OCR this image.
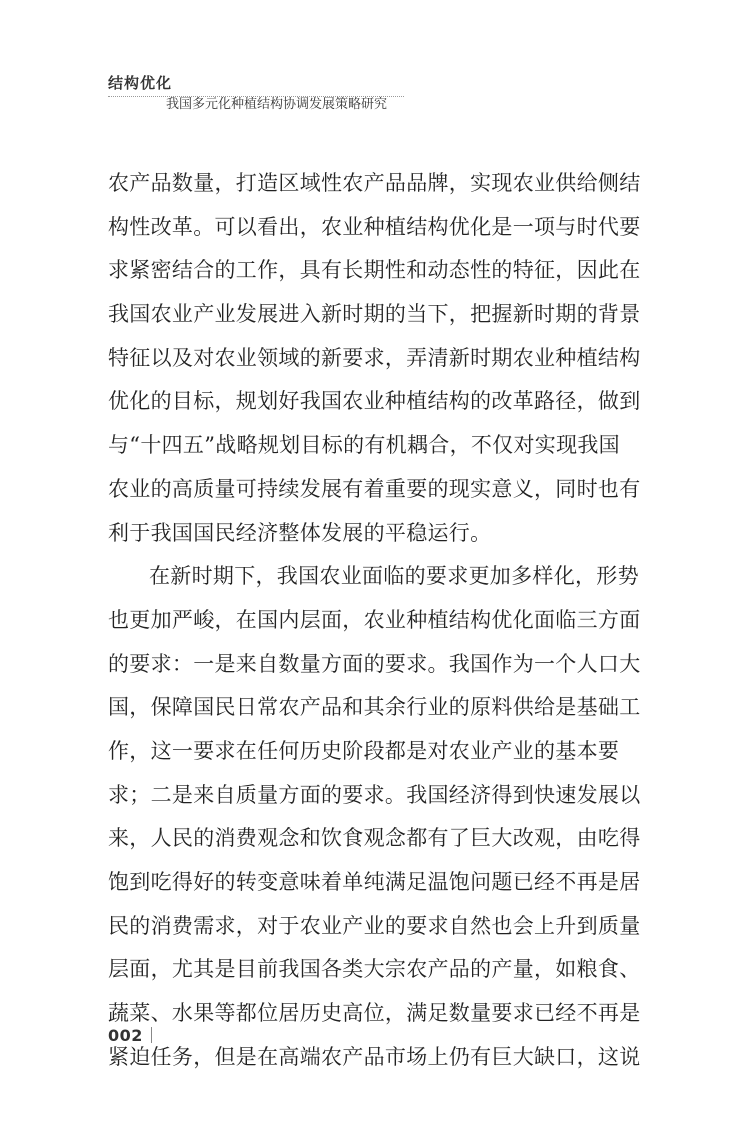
结构优化
我国多元化种植结构协调发展策略研究
农产品数量，打造区域性农产品品牌，实现农业供给侧结
构性改革。可以看出，农业种植结构优化是一项与时代要
求紧密结合的工作，具有长期性和动态性的特征，因此在
我国农业产业发展进入新时期的当下，把握新时期的背景
特征以及对农业领域的新要求，弄清新时期农业种植结构
优化的目标，规划好我国农业种植结构的改革路径，做到
与“十四五”战略规划目标的有机耦合，不仅对实现我国
农业的高质量可持续发展有着重要的现实意义，同时也有
利于我国国民经济整体发展的平稳运行。
在新时期下，我国农业面临的要求更加多样化，形势
也更加严峻，在国内层面，农业种植结构优化面临三方面
的要求：一是来自数量方面的要求。我国作为一个人口大
国，保障国民日常农产品和其余行业的原料供给是基础工
作，这一要求在任何历史阶段都是对农业产业的基本要
求；二是来自质量方面的要求。我国经济得到快速发展以
来，人民的消费观念和饮食观念都有了巨大改观，由吃得
饱到吃得好的转变意味着单纯满足温饱问题已经不再是居
民的消费需求，对于农业产业的要求自然也会上升到质量
层面，尤其是目前我国各类大宗农产品的产量，如粮食、
蔬菜、水果等都位居历史高位，满足数量要求已经不再是
紧迫任务，但是在高端农产品市场上仍有巨大缺口，这说
002
